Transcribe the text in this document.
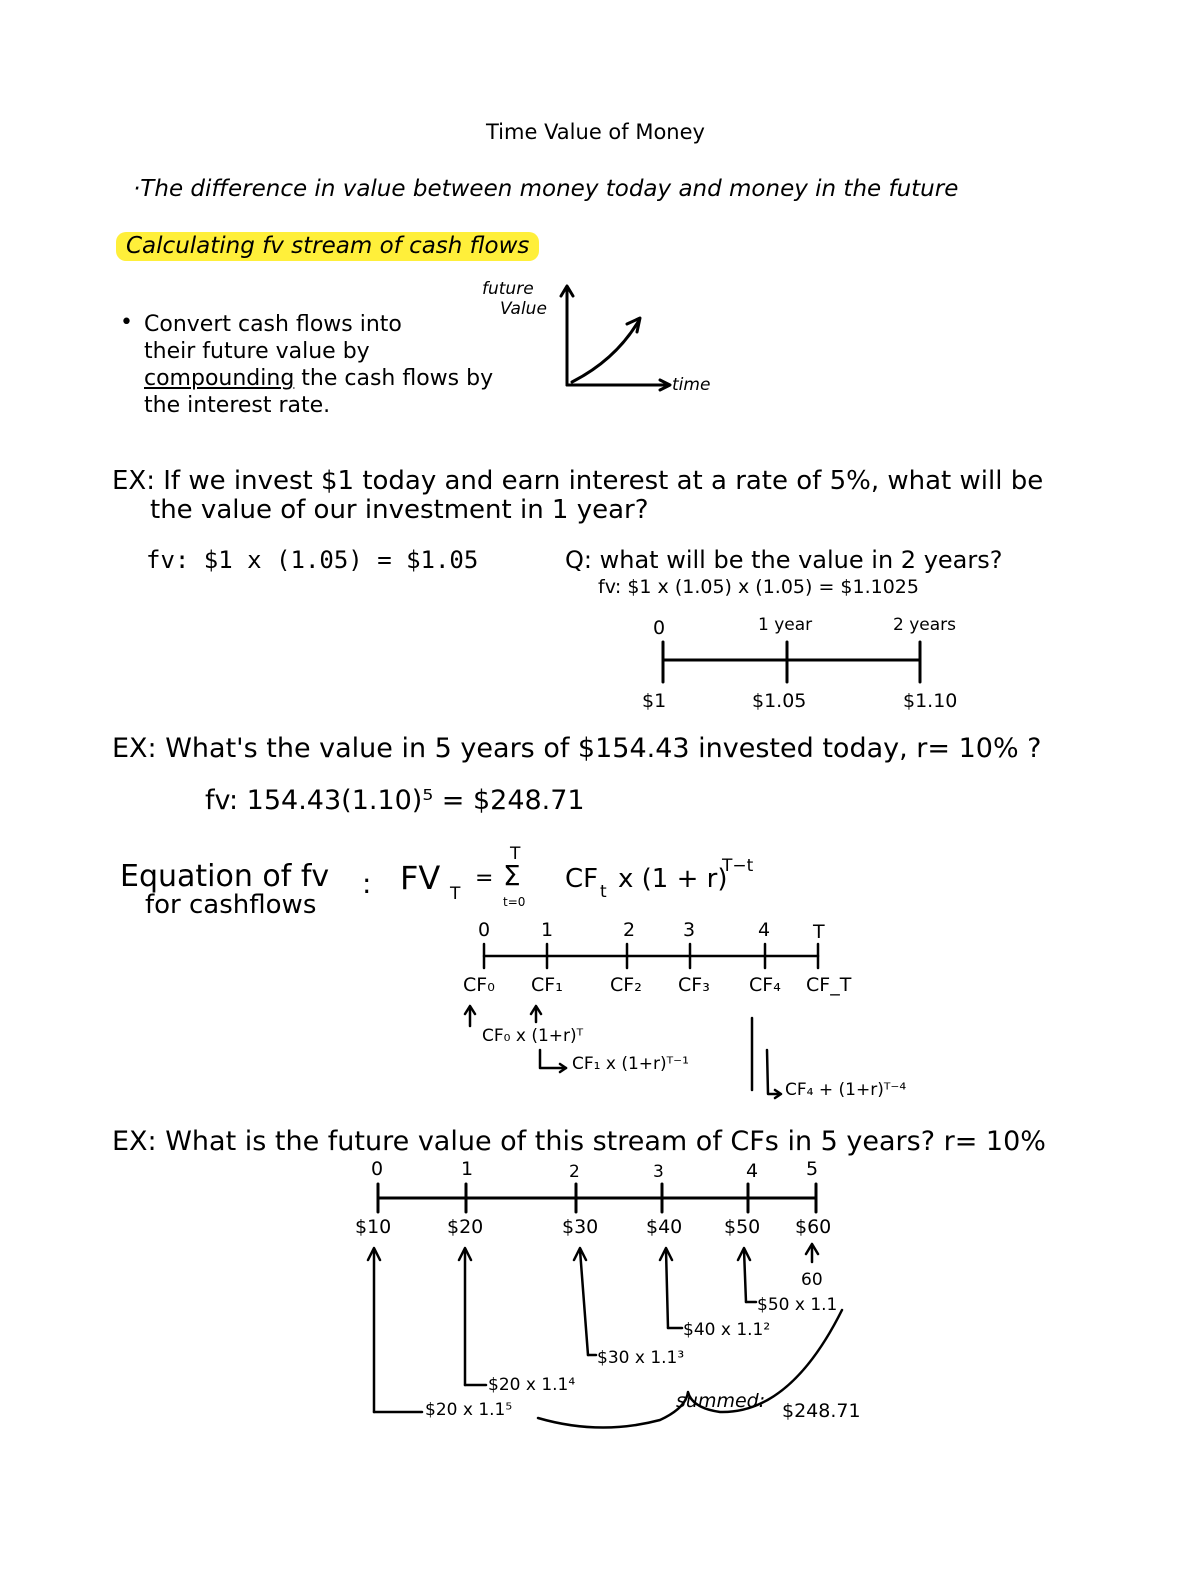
Time Value of Money
·The difference in value between money today and money in the future
Calculating fv stream of cash flows
• Convert cash flows into
their future value by
compounding the cash flows by
the interest rate.
future
Value
time
EX: If we invest $1 today and earn interest at a rate of 5%, what will be
the value of our investment in 1 year?
fv: $1 x (1.05) = $1.05	Q: what will be the value in 2 years?
fv: $1 x (1.05) x (1.05) = $1.1025
0	1 year	2 years
$1	$1.05	$1.10
EX: What's the value in 5 years of $154.43 invested today, r= 10% ?
fv: 154.43(1.10)⁵ = $248.71
Equation of fv
for cashflows
: FV T
=
T
Σ
t=0
CF t x (1 + r)
T−t
0	1	2	3	4 T
CF₀ CF₁ CF₂ CF₃ CF₄ CF_T
CF₀ x (1+r)ᵀ
CF₁ x (1+r)ᵀ⁻¹
CF₄ + (1+r)ᵀ⁻⁴
EX: What is the future value of this stream of CFs in 5 years? r= 10%
0	1	2	3	4	5
$10	$20	$30	$40 $50 $60
60
$50 x 1.1
$40 x 1.1²
$30 x 1.1³
$20 x 1.1⁴
$20 x 1.1⁵	summed: $248.71
